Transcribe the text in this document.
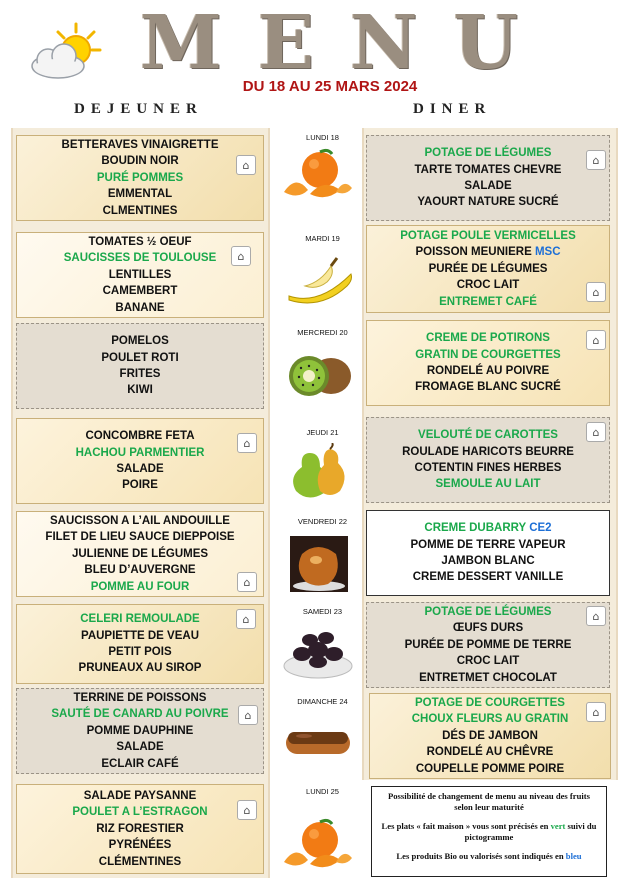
M E N U
DU 18 AU 25 MARS 2024
DEJEUNER	DINER
BETTERAVES VINAIGRETTE
BOUDIN NOIR
PURÉ POMMES
EMMENTAL
CLMENTINES
⌂
TOMATES ½ OEUF
SAUCISSES DE TOULOUSE
LENTILLES
CAMEMBERT
BANANE
⌂
POMELOS
POULET ROTI
FRITES
KIWI
CONCOMBRE FETA
HACHOU PARMENTIER
SALADE
POIRE
⌂
SAUCISSON A L’AIL ANDOUILLE
FILET DE LIEU SAUCE DIEPPOISE
JULIENNE DE LÉGUMES
BLEU D’AUVERGNE
POMME AU FOUR	⌂
CELERI REMOULADE
PAUPIETTE DE VEAU
PETIT POIS
PRUNEAUX AU SIROP
⌂
TERRINE DE POISSONS
SAUTÉ DE CANARD AU POIVRE
POMME DAUPHINE
SALADE
ECLAIR CAFÉ
⌂
SALADE PAYSANNE
POULET A L’ESTRAGON
RIZ FORESTIER
PYRÉNÉES
CLÉMENTINES
⌂
POTAGE DE LÉGUMES
TARTE TOMATES CHEVRE
SALADE
YAOURT NATURE SUCRÉ
⌂
POTAGE POULE VERMICELLES
POISSON MEUNIERE MSC
PURÉE DE LÉGUMES
CROC LAIT
ENTREMET CAFÉ
⌂
CREME DE POTIRONS
GRATIN DE COURGETTES
RONDELÉ AU POIVRE
FROMAGE BLANC SUCRÉ
⌂
VELOUTÉ DE CAROTTES
ROULADE HARICOTS BEURRE
COTENTIN FINES HERBES
SEMOULE AU LAIT
⌂
CREME DUBARRY CE2
POMME DE TERRE VAPEUR
JAMBON BLANC
CREME DESSERT VANILLE
POTAGE DE LÉGUMES
ŒUFS DURS
PURÉE DE POMME DE TERRE
CROC LAIT
ENTRETMET CHOCOLAT
⌂
POTAGE DE COURGETTES
CHOUX FLEURS AU GRATIN
DÉS DE JAMBON
RONDELÉ AU CHÊVRE
COUPELLE POMME POIRE
⌂
LUNDI 18
MARDI 19
MERCREDI 20
JEUDI 21
VENDREDI 22
SAMEDI 23
DIMANCHE 24
LUNDI 25	Possibilité de changement de menu au niveau des fruits selon leur maturité

Les plats « fait maison » vous sont précisés en vert suivi du pictogramme

Les produits Bio ou valorisés sont indiqués en bleu
